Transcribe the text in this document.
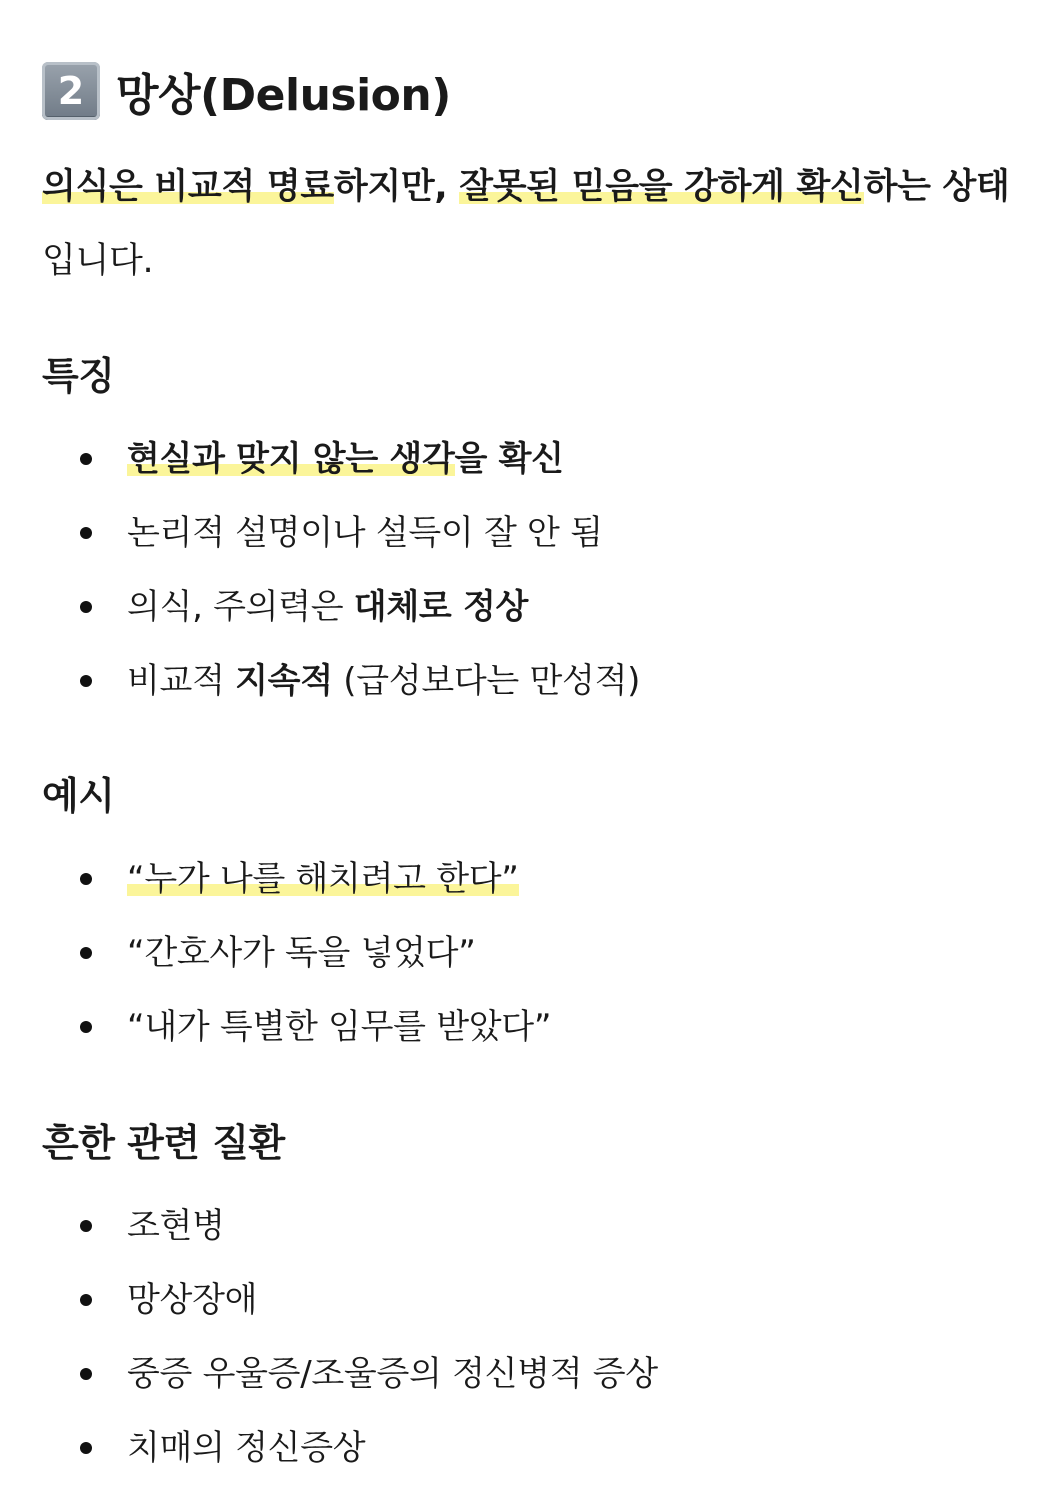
2 망상(Delusion)

의식은 비교적 명료하지만, 잘못된 믿음을 강하게 확신하는 상태입니다.

특징
현실과 맞지 않는 생각을 확신
논리적 설명이나 설득이 잘 안 됨
의식, 주의력은 대체로 정상
비교적 지속적 (급성보다는 만성적)
예시
“누가 나를 해치려고 한다”
“간호사가 독을 넣었다”
“내가 특별한 임무를 받았다”
흔한 관련 질환
조현병
망상장애
중증 우울증/조울증의 정신병적 증상
치매의 정신증상
